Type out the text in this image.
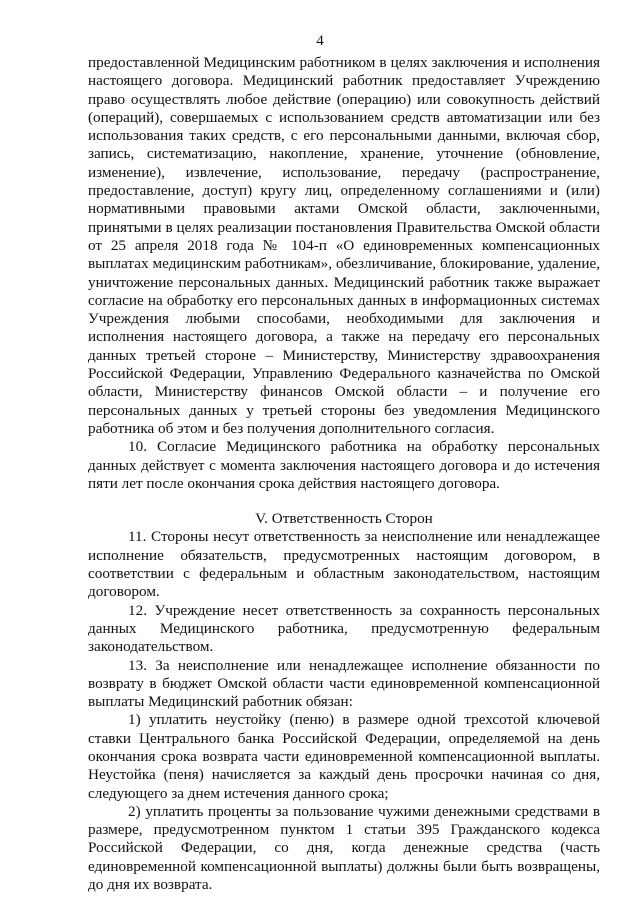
4

предоставленной Медицинским работником в целях заключения и исполнения настоящего договора. Медицинский работник предоставляет Учреждению право осуществлять любое действие (операцию) или совокупность действий (операций), совершаемых с использованием средств автоматизации или без использования таких средств, с его персональными данными, включая сбор, запись, систематизацию, накопление, хранение, уточнение (обновление, изменение), извлечение, использование, передачу (распространение, предоставление, доступ) кругу лиц, определенному соглашениями и (или) нормативными правовыми актами Омской области, заключенными, принятыми в целях реализации постановления Правительства Омской области от 25 апреля 2018 года № 104-п «О единовременных компенсационных выплатах медицинским работникам», обезличивание, блокирование, удаление, уничтожение персональных данных. Медицинский работник также выражает согласие на обработку его персональных данных в информационных системах Учреждения любыми способами, необходимыми для заключения и исполнения настоящего договора, а также на передачу его персональных данных третьей стороне – Министерству, Министерству здравоохранения Российской Федерации, Управлению Федерального казначейства по Омской области, Министерству финансов Омской области – и получение его персональных данных у третьей стороны без уведомления Медицинского работника об этом и без получения дополнительного согласия.

10. Согласие Медицинского работника на обработку персональных данных действует с момента заключения настоящего договора и до истечения пяти лет после окончания срока действия настоящего договора.

V. Ответственность Сторон

11. Стороны несут ответственность за неисполнение или ненадлежащее исполнение обязательств, предусмотренных настоящим договором, в соответствии с федеральным и областным законодательством, настоящим договором.

12. Учреждение несет ответственность за сохранность персональных данных Медицинского работника, предусмотренную федеральным законодательством.

13. За неисполнение или ненадлежащее исполнение обязанности по возврату в бюджет Омской области части единовременной компенсационной выплаты Медицинский работник обязан:

1) уплатить неустойку (пеню) в размере одной трехсотой ключевой ставки Центрального банка Российской Федерации, определяемой на день окончания срока возврата части единовременной компенсационной выплаты. Неустойка (пеня) начисляется за каждый день просрочки начиная со дня, следующего за днем истечения данного срока;

2) уплатить проценты за пользование чужими денежными средствами в размере, предусмотренном пунктом 1 статьи 395 Гражданского кодекса Российской Федерации, со дня, когда денежные средства (часть единовременной компенсационной выплаты) должны были быть возвращены, до дня их возврата.
